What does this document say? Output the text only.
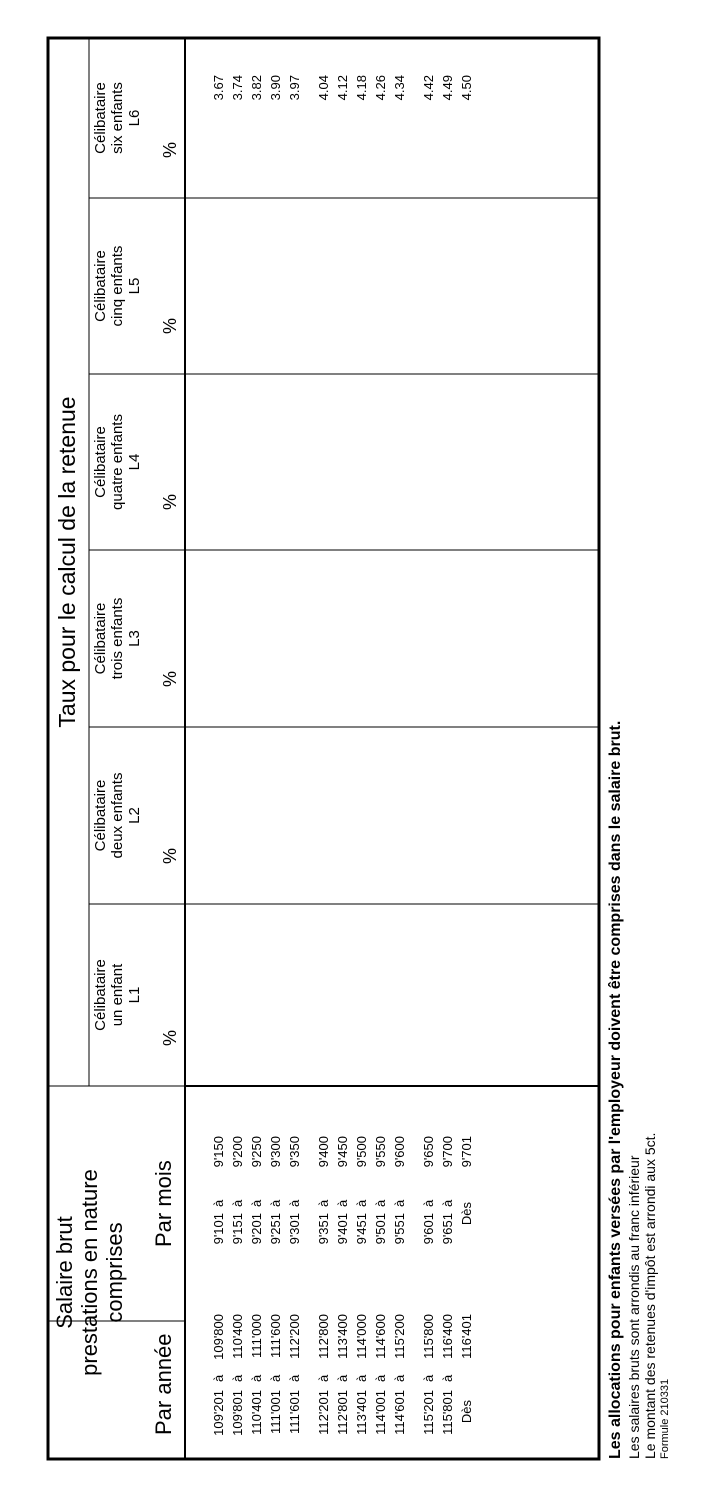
Salaire brut prestations en nature comprises
Taux pour le calcul de la retenue
Par année
Par mois
Célibataire un enfant L1
%
Célibataire deux enfants L2
%
Célibataire trois enfants L3
%
Célibataire quatre enfants L4
%
Célibataire cinq enfants L5
%
Célibataire six enfants L6
%
109'201
à
109'800
9'101
à
9'150
3.67
109'801
à
110'400
9'151
à
9'200
3.74
110'401
à
111'000
9'201
à
9'250
3.82
111'001
à
111'600
9'251
à
9'300
3.90
111'601
à
112'200
9'301
à
9'350
3.97
112'201
à
112'800
9'351
à
9'400
4.04
112'801
à
113'400
9'401
à
9'450
4.12
113'401
à
114'000
9'451
à
9'500
4.18
114'001
à
114'600
9'501
à
9'550
4.26
114'601
à
115'200
9'551
à
9'600
4.34
115'201
à
115'800
9'601
à
9'650
4.42
115'801
à
116'400
9'651
à
9'700
4.49
Dès
116'401
Dès
9'701
4.50
Les allocations pour enfants versées par l'employeur doivent être comprises dans le salaire brut. Les salaires bruts sont arrondis au franc inférieur Le montant des retenues d'impôt est arrondi aux 5ct. Formule 210331
